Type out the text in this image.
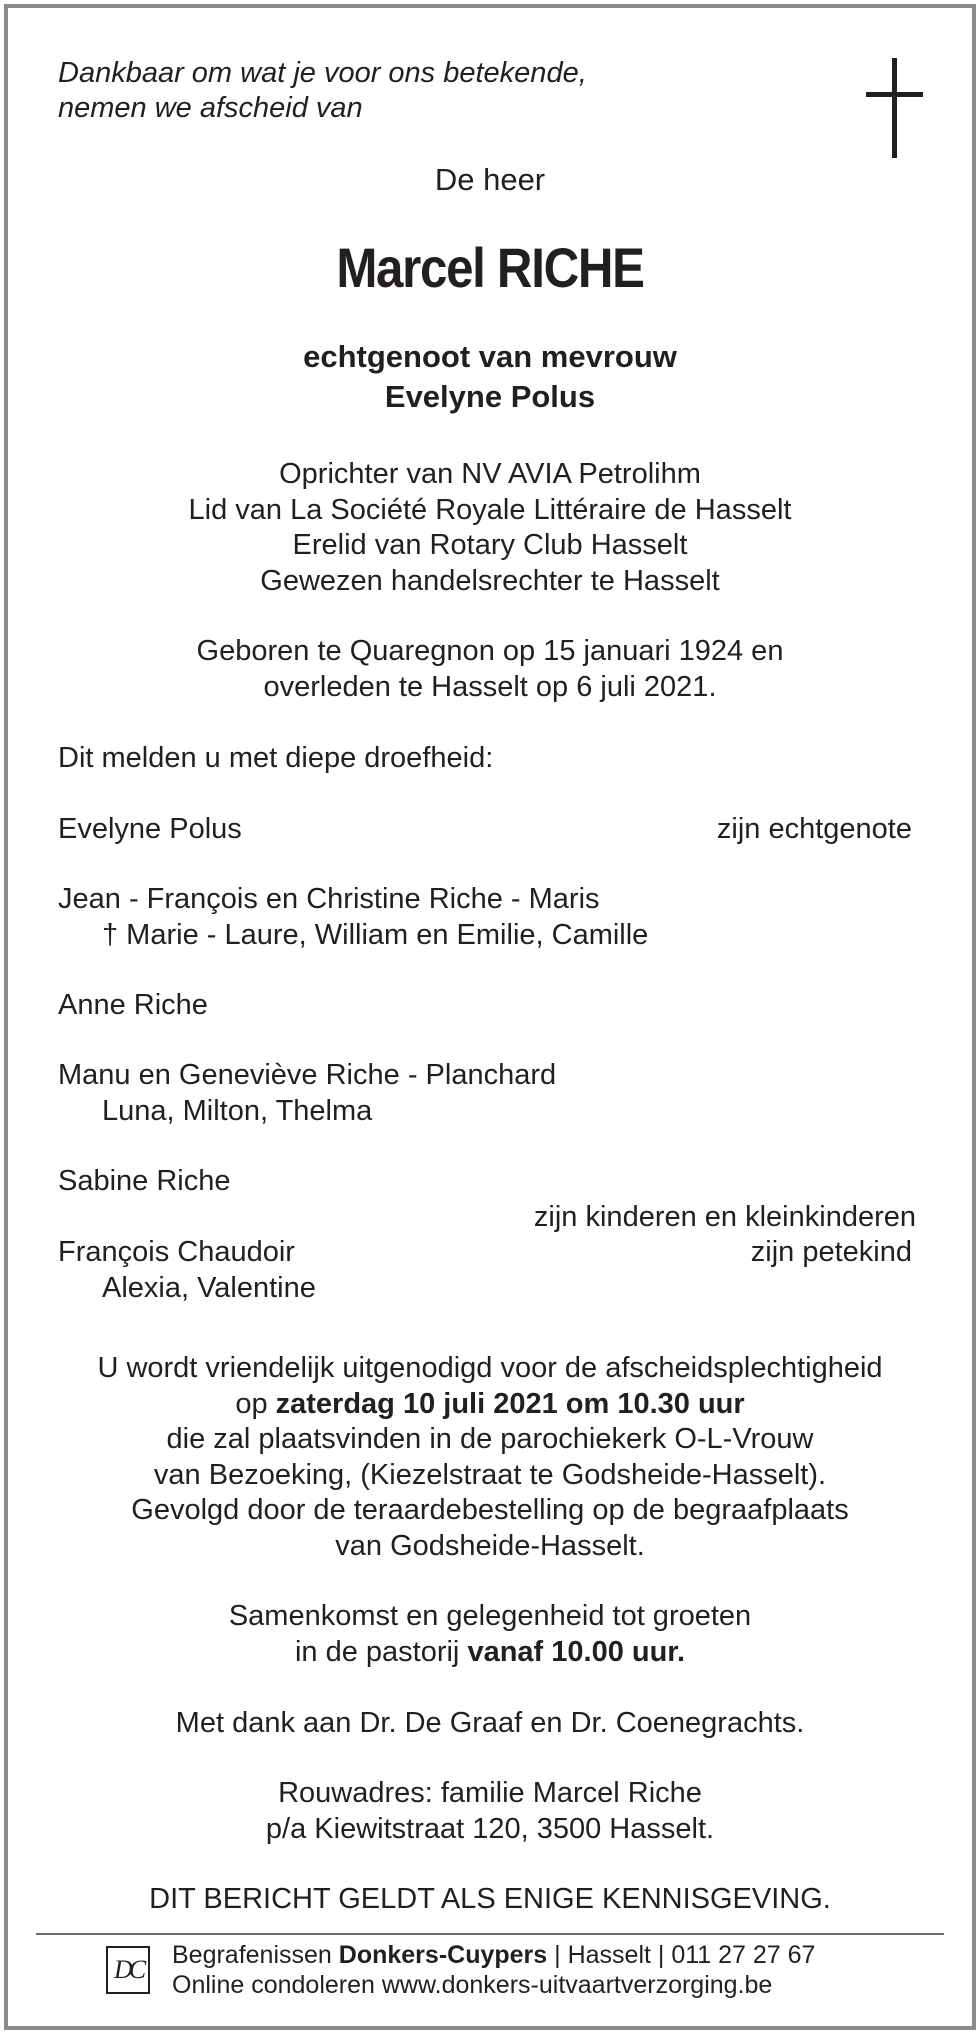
Dankbaar om wat je voor ons betekende,
nemen we afscheid van
De heer
Marcel RICHE
echtgenoot van mevrouw
Evelyne Polus
Oprichter van NV AVIA Petrolihm
Lid van La Société Royale Littéraire de Hasselt
Erelid van Rotary Club Hasselt
Gewezen handelsrechter te Hasselt
Geboren te Quaregnon op 15 januari 1924 en
overleden te Hasselt op 6 juli 2021.
Dit melden u met diepe droefheid:
Evelyne Polus	zijn echtgenote
Jean - François en Christine Riche - Maris
† Marie - Laure, William en Emilie, Camille
Anne Riche
Manu en Geneviève Riche - Planchard
Luna, Milton, Thelma
Sabine Riche
zijn kinderen en kleinkinderen
François Chaudoir	zijn petekind
Alexia, Valentine
U wordt vriendelijk uitgenodigd voor de afscheidsplechtigheid
op zaterdag 10 juli 2021 om 10.30 uur
die zal plaatsvinden in de parochiekerk O-L-Vrouw
van Bezoeking, (Kiezelstraat te Godsheide-Hasselt).
Gevolgd door de teraardebestelling op de begraafplaats
van Godsheide-Hasselt.
Samenkomst en gelegenheid tot groeten
in de pastorij vanaf 10.00 uur.
Met dank aan Dr. De Graaf en Dr. Coenegrachts.
Rouwadres: familie Marcel Riche
p/a Kiewitstraat 120, 3500 Hasselt.
DIT BERICHT GELDT ALS ENIGE KENNISGEVING.
DC	Begrafenissen Donkers-Cuypers | Hasselt | 011 27 27 67
Online condoleren www.donkers-uitvaartverzorging.be
